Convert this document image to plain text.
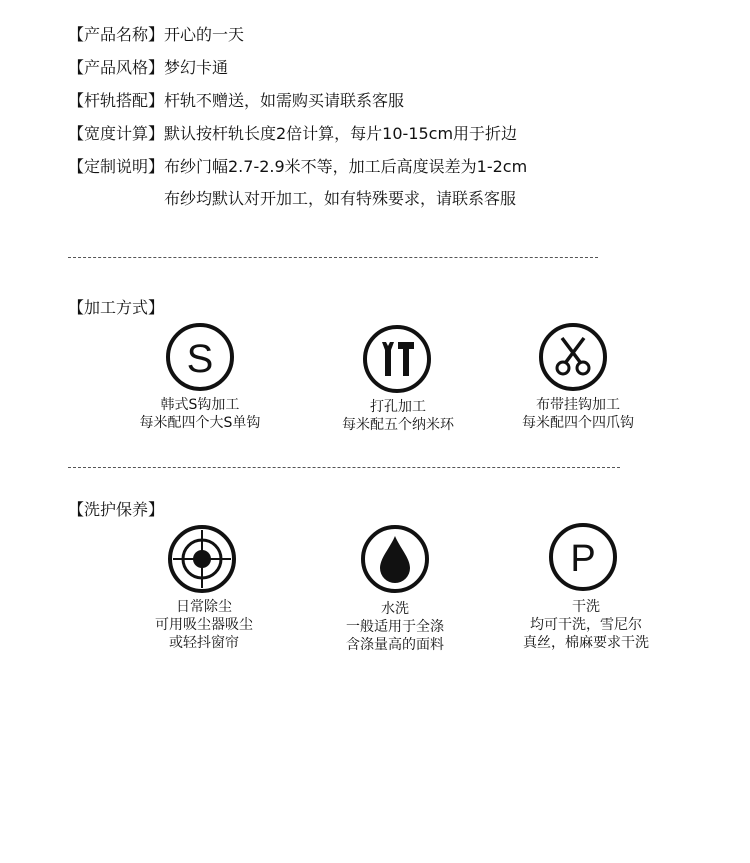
【产品名称】开心的一天
【产品风格】梦幻卡通
【杆轨搭配】杆轨不赠送，如需购买请联系客服
【宽度计算】默认按杆轨长度2倍计算，每片10-15cm用于折边
【定制说明】布纱门幅2.7-2.9米不等，加工后高度误差为1-2cm
布纱均默认对开加工，如有特殊要求，请联系客服
【加工方式】
S
韩式S钩加工
每米配四个大S单钩
打孔加工
每米配五个纳米环
布带挂钩加工
每米配四个四爪钩
【洗护保养】
P
日常除尘
可用吸尘器吸尘
或轻抖窗帘
水洗
一般适用于全涤
含涤量高的面料
干洗
均可干洗，雪尼尔
真丝，棉麻要求干洗
